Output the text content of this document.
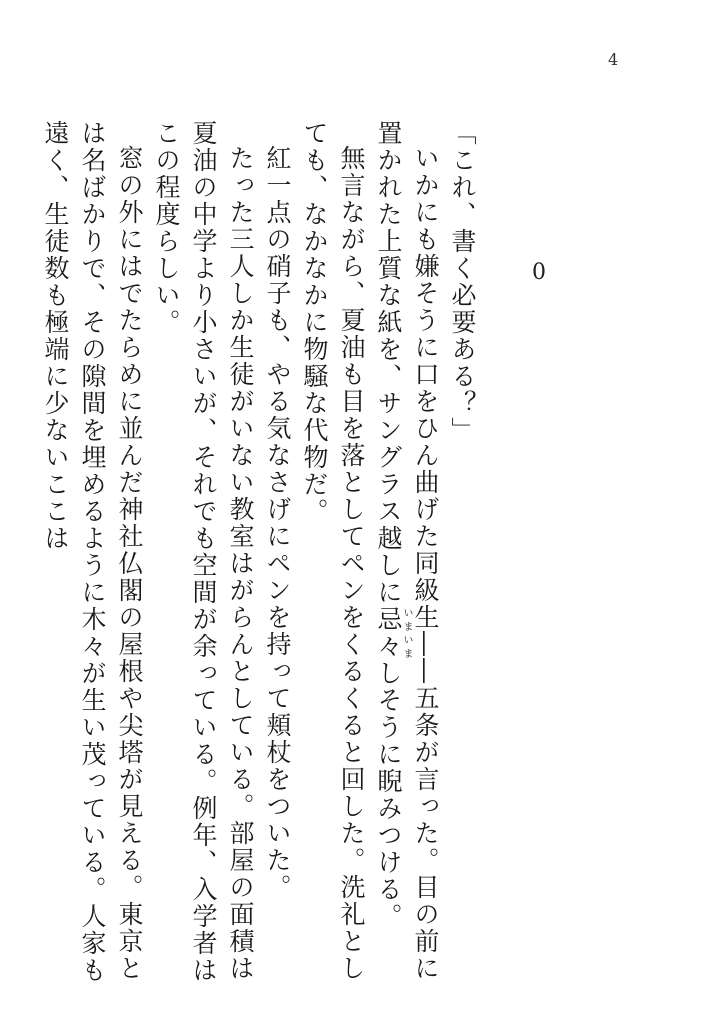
4
0

「これ、書く必要ある？」

いかにも嫌そうに口をひん曲げた同級生――五条が言った。目の前に置かれた上質な紙を、サングラス越しに忌々いまいましそうに睨みつける。

無言ながら、夏油も目を落としてペンをくるくると回した。洗礼としても、なかなかに物騒な代物だ。

紅一点の硝子も、やる気なさげにペンを持って頬杖をついた。

たった三人しか生徒がいない教室はがらんとしている。部屋の面積は夏油の中学より小さいが、それでも空間が余っている。例年、入学者はこの程度らしい。

窓の外にはでたらめに並んだ神社仏閣の屋根や尖塔が見える。東京とは名ばかりで、その隙間を埋めるように木々が生い茂っている。人家も遠く、生徒数も極端に少ないここは
